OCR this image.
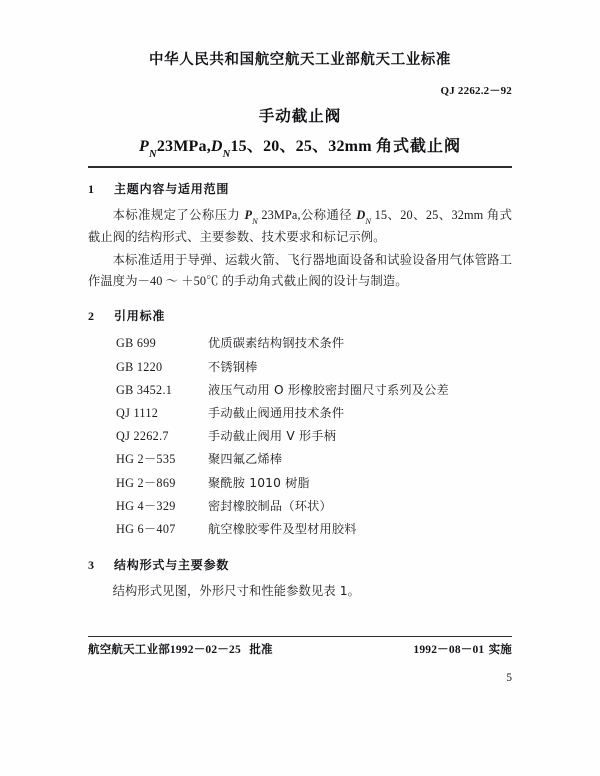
中华人民共和国航空航天工业部航天工业标准
QJ 2262.2－92
手动截止阀
$P_N23MPa,D_N15$、20、25、32mm 角式截止阀
1	主题内容与适用范围

本标准规定了公称压力 $P_N$ 23MPa,公称通径 $D_N$ 15、20、25、32mm 角式截止阀的结构形式、主要参数、技术要求和标记示例。

本标准适用于导弹、运载火箭、飞行器地面设备和试验设备用气体管路工作温度为－40 ～ ＋50℃ 的手动角式截止阀的设计与制造。

2	引用标准
GB 699	优质碳素结构钢技术条件
GB 1220	不锈钢棒
GB 3452.1	液压气动用 O 形橡胶密封圈尺寸系列及公差
QJ 1112	手动截止阀通用技术条件
QJ 2262.7	手动截止阀用 V 形手柄
HG 2－535	聚四氟乙烯棒
HG 2－869	聚酰胺 1010 树脂
HG 4－329	密封橡胶制品（环状）
HG 6－407	航空橡胶零件及型材用胶料
3	结构形式与主要参数

结构形式见图，外形尺寸和性能参数见表 1。

航空航天工业部1992－02－25 批准	1992－08－01 实施
5
